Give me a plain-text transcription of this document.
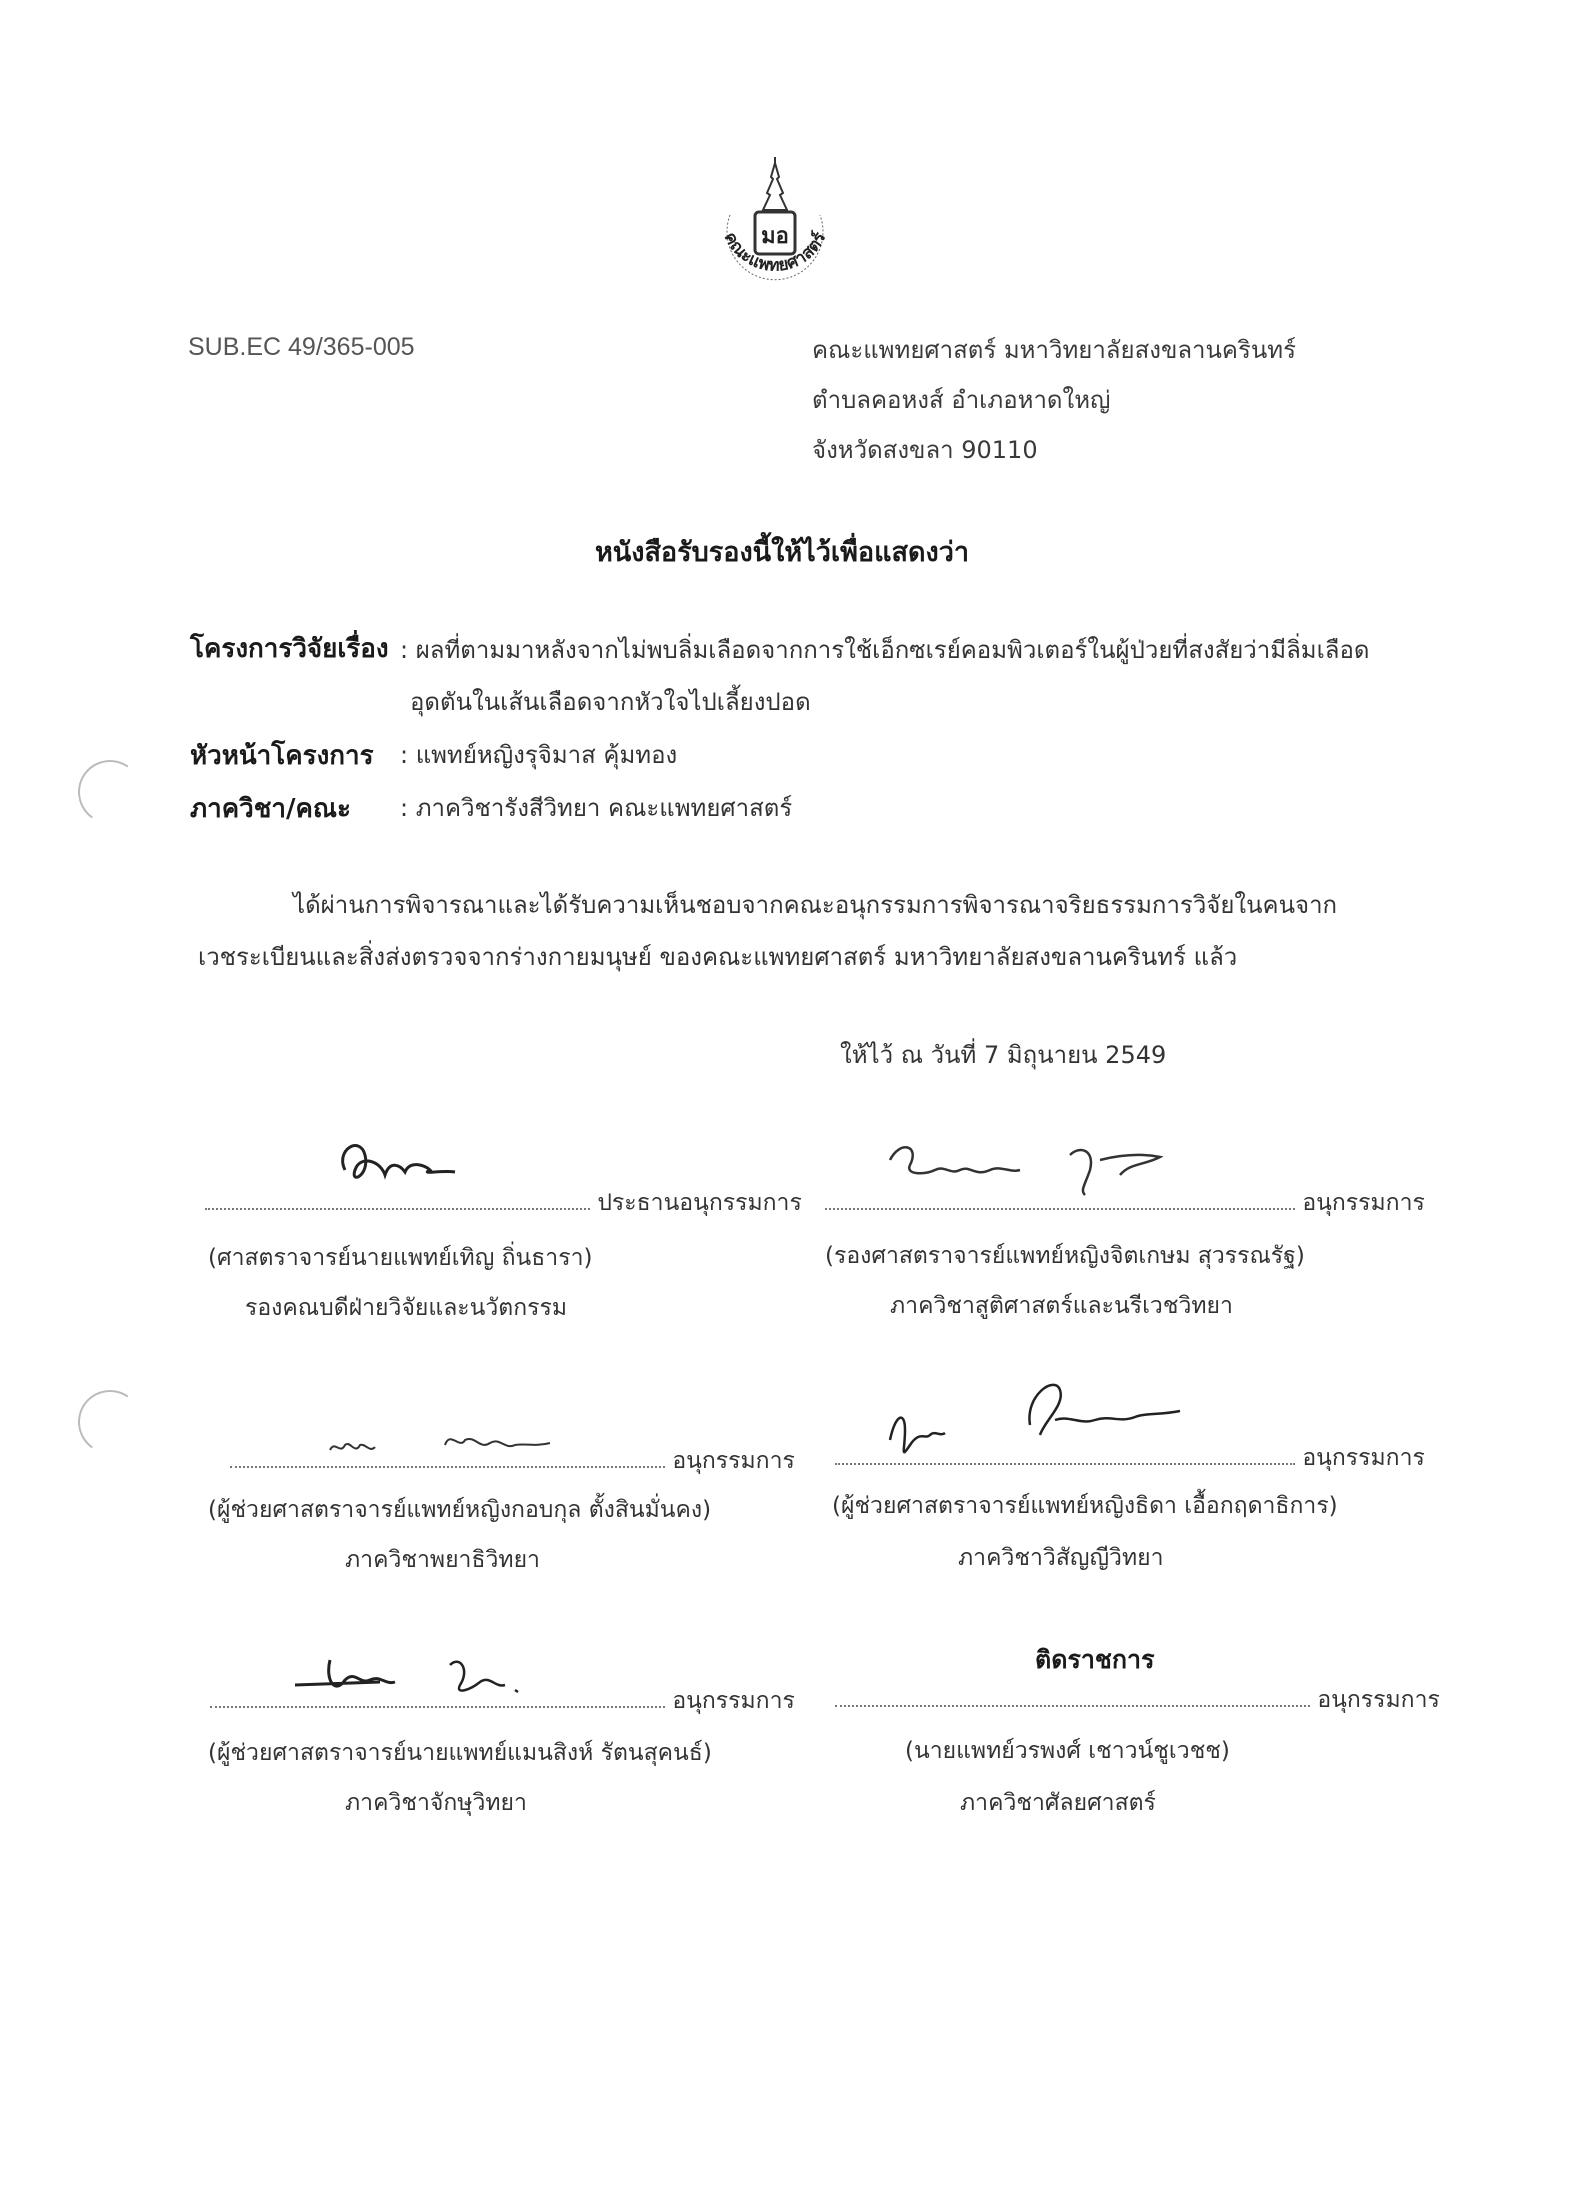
มอ
คณะแพทยศาสตร์
SUB.EC 49/365-005	คณะแพทยศาสตร์ มหาวิทยาลัยสงขลานครินทร์
ตำบลคอหงส์ อำเภอหาดใหญ่
จังหวัดสงขลา 90110
หนังสือรับรองนี้ให้ไว้เพื่อแสดงว่า
โครงการวิจัยเรื่อง : ผลที่ตามมาหลังจากไม่พบลิ่มเลือดจากการใช้เอ็กซเรย์คอมพิวเตอร์ในผู้ป่วยที่สงสัยว่ามีลิ่มเลือด
อุดตันในเส้นเลือดจากหัวใจไปเลี้ยงปอด
หัวหน้าโครงการ : แพทย์หญิงรุจิมาส คุ้มทอง
ภาควิชา/คณะ : ภาควิชารังสีวิทยา คณะแพทยศาสตร์
ได้ผ่านการพิจารณาและได้รับความเห็นชอบจากคณะอนุกรรมการพิจารณาจริยธรรมการวิจัยในคนจาก
เวชระเบียนและสิ่งส่งตรวจจากร่างกายมนุษย์ ของคณะแพทยศาสตร์ มหาวิทยาลัยสงขลานครินทร์ แล้ว
ให้ไว้ ณ วันที่ 7 มิถุนายน 2549
ประธานอนุกรรมการ
(ศาสตราจารย์นายแพทย์เทิญ ถิ่นธารา)
รองคณบดีฝ่ายวิจัยและนวัตกรรม
อนุกรรมการ
(รองศาสตราจารย์แพทย์หญิงจิตเกษม สุวรรณรัฐ)
ภาควิชาสูติศาสตร์และนรีเวชวิทยา
อนุกรรมการ
(ผู้ช่วยศาสตราจารย์แพทย์หญิงกอบกุล ตั้งสินมั่นคง)
ภาควิชาพยาธิวิทยา
อนุกรรมการ
(ผู้ช่วยศาสตราจารย์แพทย์หญิงธิดา เอื้อกฤดาธิการ)
ภาควิชาวิสัญญีวิทยา
อนุกรรมการ
(ผู้ช่วยศาสตราจารย์นายแพทย์แมนสิงห์ รัตนสุคนธ์)
ภาควิชาจักษุวิทยา
ติดราชการ
อนุกรรมการ
(นายแพทย์วรพงศ์ เชาวน์ชูเวชช)
ภาควิชาศัลยศาสตร์
